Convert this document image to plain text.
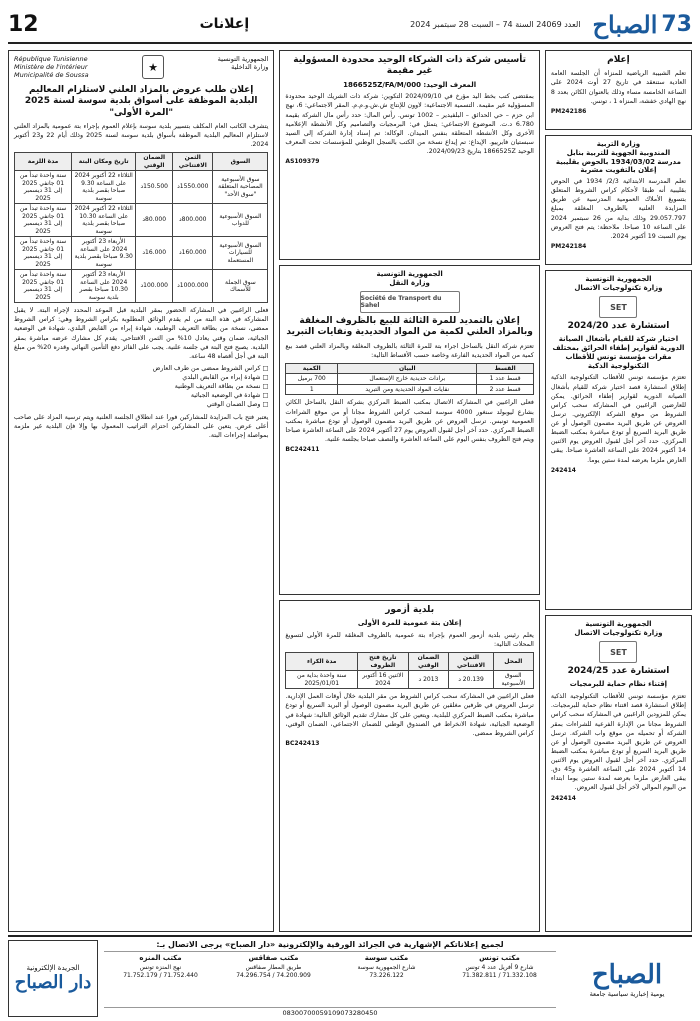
73
الصباح
العدد 24069 السنة 74 – السبت 28 سبتمبر 2024
إعلانات
12
إعلام

تعلم الشبيبة الرياضية للمنزاه أن الجلسة العامة العادية ستنعقد في تاريخ 27 أوت 2024 على الساعة الخامسة مساء وذلك بالعنوان الكائن بعدد 8 نهج الهادي خفشة، المنزاه 1 ، تونس.

PM242186
وزارة التربية
المندوبية الجهوية للتربية بنابل
مدرسة 1934/03/02 بالحوض بقليبية
إعلان بالتفويت مشربة

تعلم المدرسة الابتدائية 2/3/ 1934 في الحوض بقليبية أنه طبقا لأحكام كراس الشروط المتعلق بتسويغ الأملاك العمومية المدرسية عن طريق المزايدة العلنية بالظروف المغلقة بمبلغ 29.057.797 وذلك بداية من 26 سبتمبر 2024 على الساعة 10 صباحا. ملاحظة: يتم فتح العروض يوم السبت 19 أكتوبر 2024.

PM242184
الجمهورية التونسية
وزارة تكنولوجيات الاتصال
SET
استشارة عدد 2024/20
اختيار شركة للقيام بأشغال الصيانة الدورية لقوارير إطفاء الحرائق بمختلف مقرات مؤسسة تونس للأقطاب التكنولوجية الذكية

تعتزم مؤسسة تونس للأقطاب التكنولوجية الذكية إطلاق استشارة قصد اختيار شركة للقيام بأشغال الصيانة الدورية لقوارير إطفاء الحرائق. يمكن للعارضين الراغبين في المشاركة سحب كراس الشروط من موقع الشركة الإلكتروني. ترسل العروض عن طريق البريد مضمون الوصول أو عن طريق البريد السريع أو تودع مباشرة بمكتب الضبط المركزي. حدد آخر أجل لقبول العروض يوم الاثنين 14 أكتوبر 2024 على الساعة العاشرة صباحا. يبقى العارض ملزما بعرضه لمدة ستين يوما.

242414
الجمهورية التونسية
وزارة تكنولوجيات الاتصال
SET
استشارة عدد 2024/25
إقتناء نظام حماية للبرمجيات

تعتزم مؤسسة تونس للأقطاب التكنولوجية الذكية إطلاق استشارة قصد اقتناء نظام حماية للبرمجيات. يمكن للمزودين الراغبين في المشاركة سحب كراس الشروط مجانا من الإدارة الفرعية للشراءات بمقر الشركة أو تحميله من موقع واب الشركة. ترسل العروض عن طريق البريد مضمون الوصول أو عن طريق البريد السريع أو تودع مباشرة بمكتب الضبط المركزي. حدد آخر أجل لقبول العروض يوم الاثنين 14 أكتوبر 2024 على الساعة العاشرة و45 دق. يبقى العارض ملزما بعرضه لمدة ستين يوما ابتداء من اليوم الموالي لآخر أجل لقبول العروض.

242414
تأسيس شركة ذات الشركاء الوحيد محدودة المسؤولية غير مقيمة
المعرف الوحيد: 1866525Z/FA/M/000

بمقتضى كتب بخط اليد مؤرخ في 2024/09/10 التكوين: شركة ذات الشريك الوحيد محدودة المسؤولية غير مقيمة. التسمية الاجتماعية: لاوون للإنتاج ش.ش.و.م.م. المقر الاجتماعي: 6، نهج ابن حزم – حي الحدائق – البلفيدير – 1002 تونس. رأس المال: حدد رأس مال الشركة بقيمة 6.780 د.ت. الموضوع الاجتماعي: يتمثل في: البرمجيات والتصاميم وكل الأنشطة الإعلامية الأخرى وكل الأنشطة المتعلقة بنفس الميدان. الوكالة: تم إسناد إدارة الشركة إلى السيد سبستيان فابرييو. الإيداع: تم إيداع نسخة من الكتب بالسجل الوطني للمؤسسات تحت المعرف الوحيد 1866525Z بتاريخ 2024/09/23.

AS109379
الجمهورية التونسية
وزارة النقل
Société de Transport du Sahel
إعلان بالتمديد للمرة الثالثة للبيع بالظروف المغلقة وبالمزاد العلني لكمية من المواد الحديدية ونفايات التبريد

تعتزم شركة النقل بالساحل اجراء بتة للمرة الثالثة بالظروف المغلقة وبالمزاد العلني قصد بيع كمية من المواد الحديدية الفارغة وخاصة حسب الأقساط التالية:

القسط	البيان	الكمية
قسط عدد 1	برادات حديدية خارج الإستعمال	700 برميل
قسط عدد 2	نفايات المواد الحديدية ومن التبريد	1

فعلى الراغبين في المشاركة الاتصال بمكتب الضبط المركزي بشركة النقل بالساحل الكائن بشارع ليوبولد سنغور 4000 سوسة لسحب كراس الشروط مجانا أو من موقع الشراءات العمومية تونبس. ترسل العروض عن طريق البريد مضمون الوصول أو تودع مباشرة بمكتب الضبط المركزي. حدد آخر أجل لقبول العروض يوم 27 أكتوبر 2024 على الساعة العاشرة صباحا ويتم فتح الظروف بنفس اليوم على الساعة العاشرة والنصف صباحا بجلسة علنية.

BC242411
بلدية أزمور
إعلان بتة عمومية للمرة الأولى

يعلم رئيس بلدية أزمور العموم بإجراء بتة عمومية بالظروف المغلقة للمرة الأولى لتسويغ المحلات التالية:

المحل	الثمن الافتتاحي	الضمان الوقتي	تاريخ فتح الظروف	مدة الكراء
السوق الأسبوعية	20.139 د	2013 د	الاثنين 16 أكتوبر 2024	سنة واحدة بداية من 2025/01/01

فعلى الراغبين في المشاركة سحب كراس الشروط من مقر البلدية خلال أوقات العمل الإدارية. ترسل العروض في ظرفين مغلقين عن طريق البريد مضمون الوصول أو البريد السريع أو تودع مباشرة بمكتب الضبط المركزي للبلدية. ويتعين على كل مشارك تقديم الوثائق التالية: شهادة في الوضعية الجبائية، شهادة الانخراط في الصندوق الوطني للضمان الاجتماعي، الضمان الوقتي، كراس الشروط ممضى.

BC242413
الجمهورية التونسية
وزارة الداخلية
★
République Tunisienne
Ministère de l'intérieur
Municipalité de Soussa
إعلان طلب عروض بالمزاد العلني لاستلزام المعاليم البلدية الموظفة على أسواق بلدية سوسة لسنة 2025 "المرة الأولى"

يتشرف الكاتب العام المكلف بتسيير بلدية سوسة بإعلام العموم بإجراء بتة عمومية بالمزاد العلني لاستلزام المعاليم البلدية الموظفة بأسواق بلدية سوسة لسنة 2025 وذلك أيام 22 و23 أكتوبر 2024.

السوق	الثمن الافتتاحي	الضمان الوقتي	تاريخ ومكان البتة	مدة اللزمة
سوق الأسبوعية المصاحبة المتعلقة "سوق الأحد"	1550.000د	150.500د	الثلاثاء 22 أكتوبر 2024 على الساعة 9.30 صباحا بقصر بلدية سوسة	سنة واحدة تبدأ من 01 جانفي 2025 إلى 31 ديسمبر 2025
السوق الأسبوعية للدواب	800.000د	80.000د	الثلاثاء 22 أكتوبر 2024 على الساعة 10.30 صباحا بقصر بلدية سوسة	سنة واحدة تبدأ من 01 جانفي 2025 إلى 31 ديسمبر 2025
السوق الأسبوعية للسيارات المستعملة	160.000د	16.000د	الأربعاء 23 أكتوبر 2024 على الساعة 9.30 صباحا بقصر بلدية سوسة	سنة واحدة تبدأ من 01 جانفي 2025 إلى 31 ديسمبر 2025
سوق الجملة للأسماك	1000.000د	100.000د	الأربعاء 23 أكتوبر 2024 على الساعة 10.30 صباحا بقصر بلدية سوسة	سنة واحدة تبدأ من 01 جانفي 2025 إلى 31 ديسمبر 2025

فعلى الراغبين في المشاركة الحضور بمقر البلدية قبل الموعد المحدد لإجراء البتة. لا يقبل المشاركة في هذه البتة من لم يقدم الوثائق المطلوبة بكراس الشروط وهي: كراس الشروط ممضى، نسخة من بطاقة التعريف الوطنية، شهادة إبراء من القابض البلدي، شهادة في الوضعية الجبائية، ضمان وقتي يعادل 10% من الثمن الافتتاحي. يقدم كل مشارك عرضه مباشرة بمقر البلدية. يصبح فتح البتة في جلسة علنية. يجب على الفائز دفع التأمين النهائي وقدره 20% من مبلغ البتة في أجل أقصاه 48 ساعة.

□ كراس الشروط ممضى من طرف العارض
□ شهادة إبراء من القابض البلدي
□ نسخة من بطاقة التعريف الوطنية
□ شهادة في الوضعية الجبائية
□ وصل الضمان الوقتي

يعتبر فتح باب المزايدة للمشاركين فورا عند انطلاق الجلسة العلنية ويتم ترسية المزاد على صاحب أعلى عرض. يتعين على المشاركين احترام التراتيب المعمول بها وإلا فإن البلدية غير ملزمة بمواصلة إجراءات البتة.

الصباح
يومية إخبارية سياسية جامعة
لجميع إعلاناتكم الإشهارية في الجرائد الورقية والإلكترونية «دار الصباح» يرجى الاتصال بـ:
مكتب تونس
شارع 9 أفريل عدد 4 تونس
71.332.108 / 71.382.811
مكتب سوسة
شارع الجمهورية سوسة
73.226.122
مكتب صفاقس
طريق المطار صفاقس
74.200.909 / 74.296.754
مكتب المنزه
نهج المنزه تونس
71.752.440 / 71.752.179
08300700059109073280450
الجريدة الإلكترونية
دار الصباح
